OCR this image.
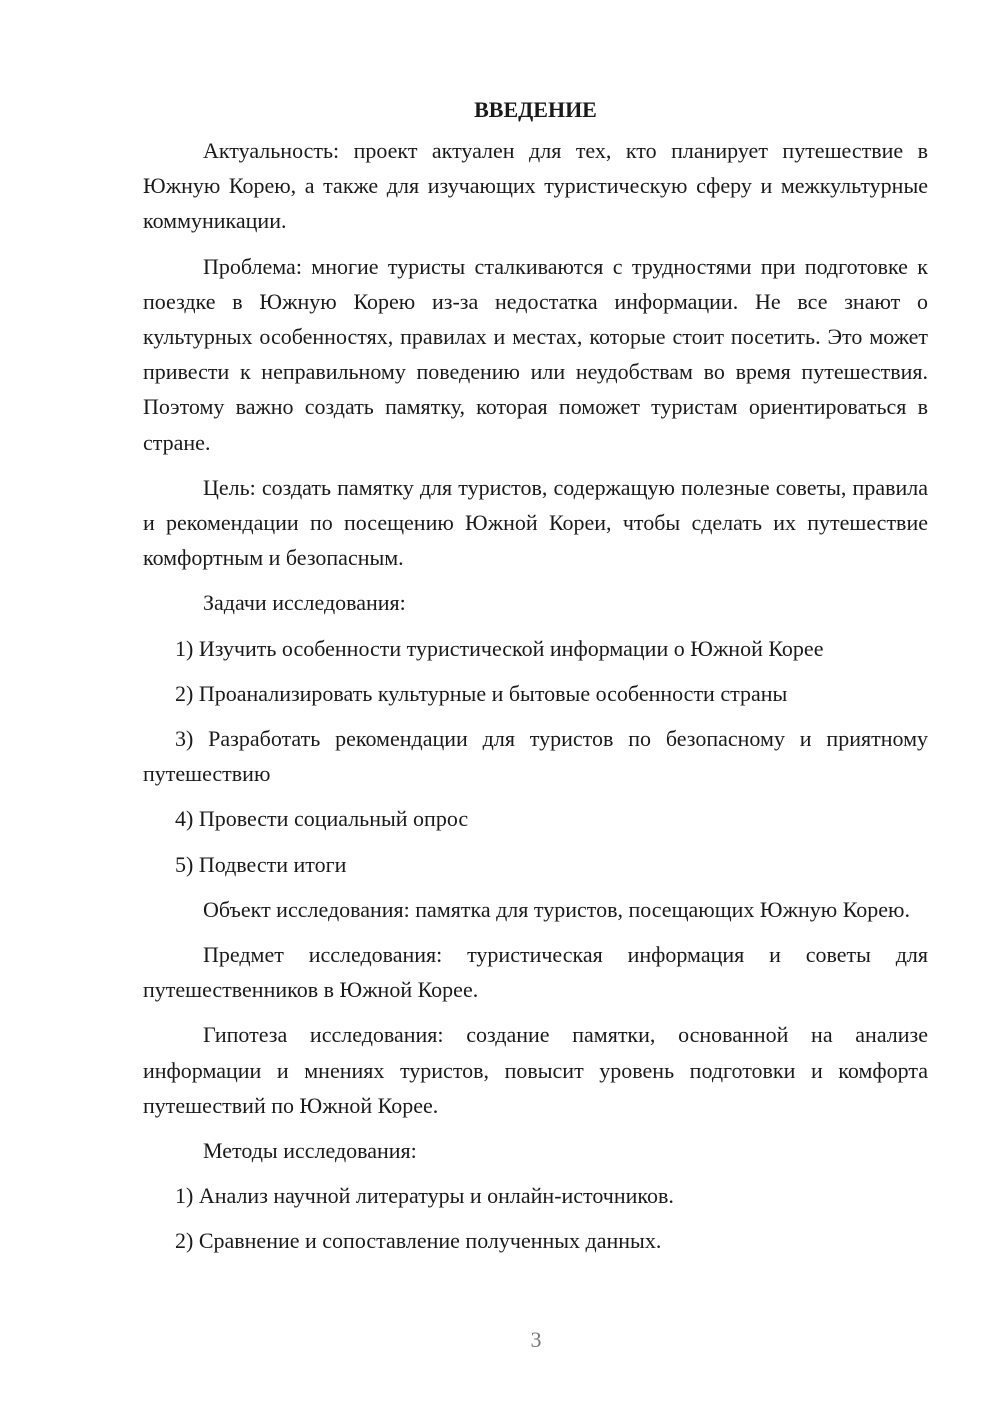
ВВЕДЕНИЕ

Актуальность: проект актуален для тех, кто планирует путешествие в Южную Корею, а также для изучающих туристическую сферу и межкультурные коммуникации.

Проблема: многие туристы сталкиваются с трудностями при подготовке к поездке в Южную Корею из-за недостатка информации. Не все знают о культурных особенностях, правилах и местах, которые стоит посетить. Это может привести к неправильному поведению или неудобствам во время путешествия. Поэтому важно создать памятку, которая поможет туристам ориентироваться в стране.

Цель: создать памятку для туристов, содержащую полезные советы, правила и рекомендации по посещению Южной Кореи, чтобы сделать их путешествие комфортным и безопасным.

Задачи исследования:

1) Изучить особенности туристической информации о Южной Корее

2) Проанализировать культурные и бытовые особенности страны

3) Разработать рекомендации для туристов по безопасному и приятному путешествию

4) Провести социальный опрос

5) Подвести итоги

Объект исследования: памятка для туристов, посещающих Южную Корею.

Предмет исследования: туристическая информация и советы для путешественников в Южной Корее.

Гипотеза исследования: создание памятки, основанной на анализе информации и мнениях туристов, повысит уровень подготовки и комфорта путешествий по Южной Корее.

Методы исследования:

1) Анализ научной литературы и онлайн-источников.

2) Сравнение и сопоставление полученных данных.

3
